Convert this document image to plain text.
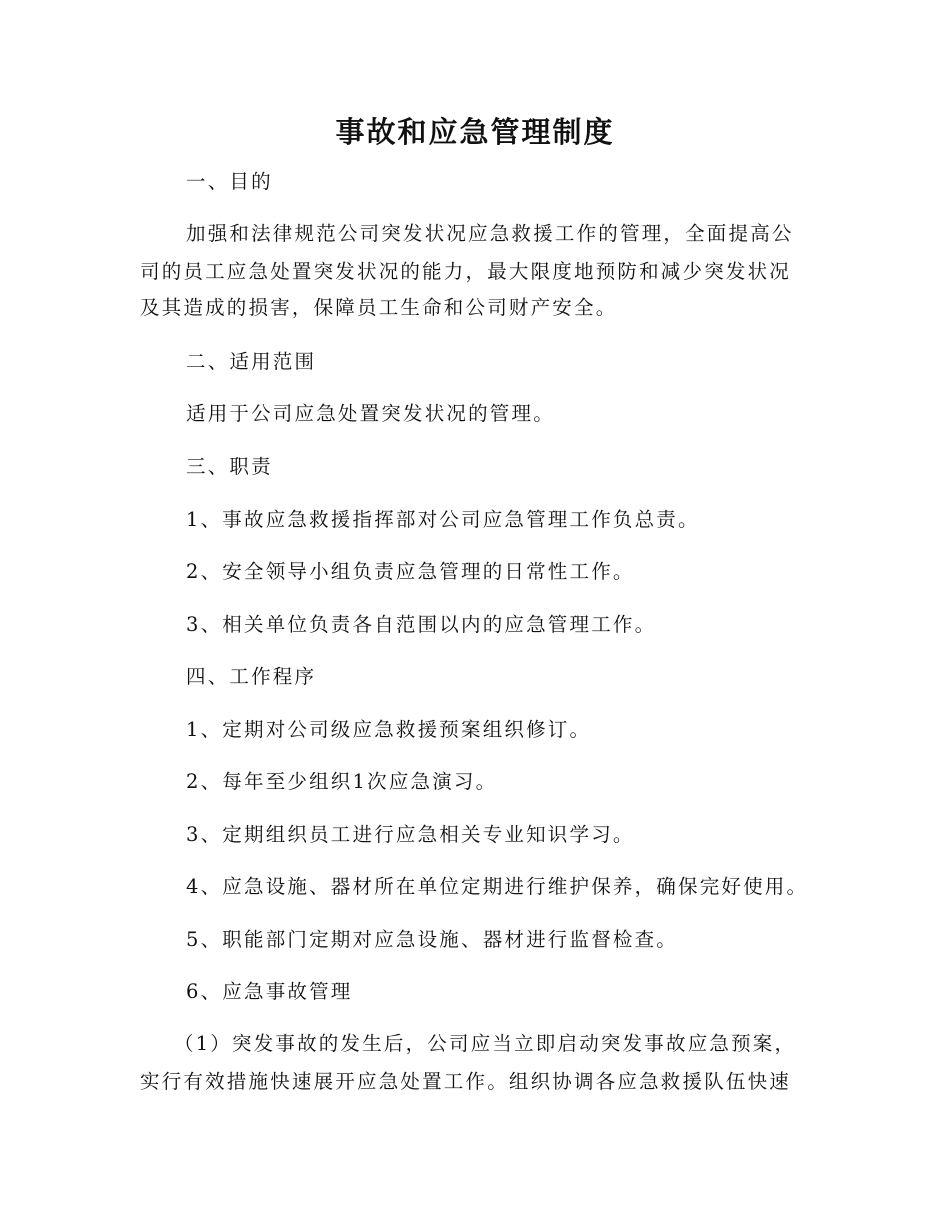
事故和应急管理制度
一、目的
加强和法律规范公司突发状况应急救援工作的管理，全面提高公
司的员工应急处置突发状况的能力，最大限度地预防和减少突发状况
及其造成的损害，保障员工生命和公司财产安全。
二、适用范围
适用于公司应急处置突发状况的管理。
三、职责
1、事故应急救援指挥部对公司应急管理工作负总责。
2、安全领导小组负责应急管理的日常性工作。
3、相关单位负责各自范围以内的应急管理工作。
四、工作程序
1、定期对公司级应急救援预案组织修订。
2、每年至少组织1次应急演习。
3、定期组织员工进行应急相关专业知识学习。
4、应急设施、器材所在单位定期进行维护保养，确保完好使用。
5、职能部门定期对应急设施、器材进行监督检查。
6、应急事故管理
（1）突发事故的发生后，公司应当立即启动突发事故应急预案，
实行有效措施快速展开应急处置工作。组织协调各应急救援队伍快速
